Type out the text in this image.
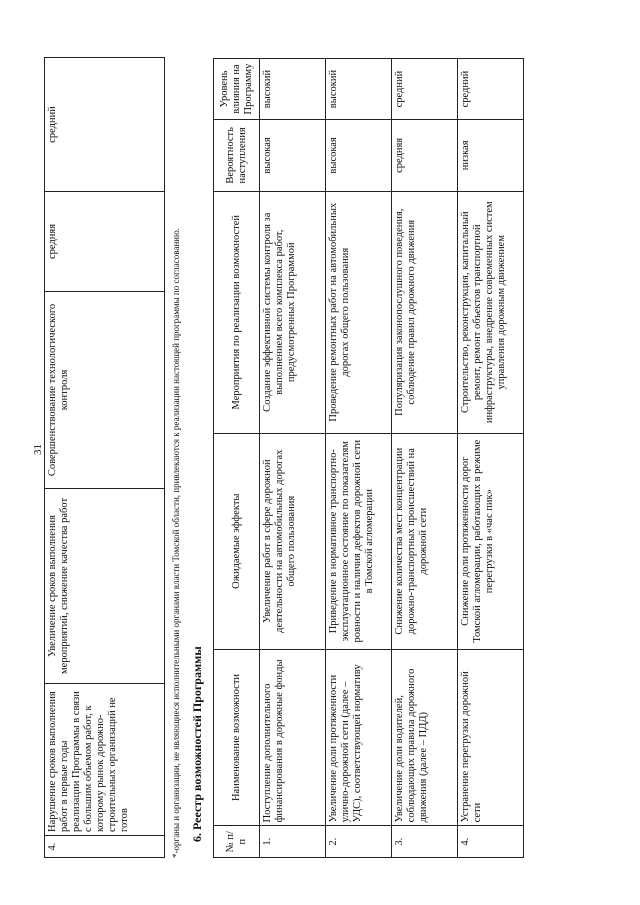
31
4.	Нарушение сроков выполнения работ в первые годы реализации Программы в связи с большим объемом работ, к которому рынок дорожно-строительных организаций не готов	Увеличение сроков выполнения мероприятий, снижение качества работ	Совершенствование технологического контроля	средняя	средний
*-органы и организации, не являющиеся исполнительными органами власти Томской области, привлекаются к реализации настоящей программы по согласованию. 6. Реестр возможностей Программы № п/п	Наименование возможности	Ожидаемые эффекты	Мероприятия по реализации возможностей	Вероятность наступления	Уровень влияния на Программу
1.	Поступление дополнительного финансирования в дорожные фонды	Увеличение работ в сфере дорожной деятельности на автомобильных дорогах общего пользования	Создание эффективной системы контроля за выполнением всего комплекса работ, предусмотренных Программой	высокая	высокий
2.	Увеличение доли протяженности улично-дорожной сети (далее – УДС), соответствующей нормативу	Приведение в нормативное транспортно-эксплуатационное состояние по показателям ровности и наличия дефектов дорожной сети в Томской агломерации	Проведение ремонтных работ на автомобильных дорогах общего пользования	высокая	высокий
3.	Увеличение доли водителей, соблюдающих правила дорожного движения (далее – ПДД)	Снижение количества мест концентрации дорожно-транспортных происшествий на дорожной сети	Популяризация законопослушного поведения, соблюдение правил дорожного движения	средняя	средний
4.	Устранение перегрузки дорожной сети	Снижение доли протяженности дорог Томской агломерации, работающих в режиме перегрузки в «час пик»	Строительство, реконструкция, капитальный ремонт, ремонт объектов транспортной инфраструктуры, внедрение современных систем управления дорожным движением	низкая	средний
